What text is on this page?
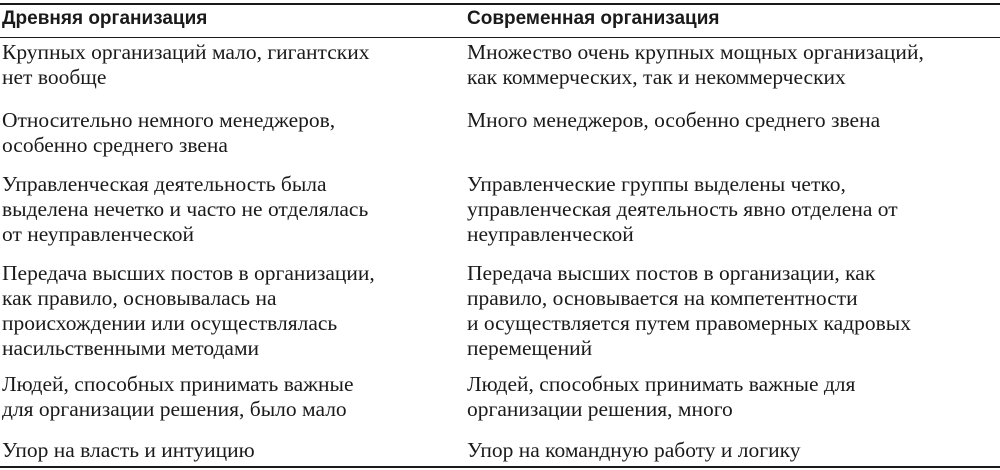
Древняя организация	Современная организация
Крупных организаций мало, гигантских
нет вообще
Множество очень крупных мощных организаций,
как коммерческих, так и некоммерческих
Относительно немного менеджеров,
особенно среднего звена
Много менеджеров, особенно среднего звена
Управленческая деятельность была
выделена нечетко и часто не отделялась
от неуправленческой
Управленческие группы выделены четко,
управленческая деятельность явно отделена от
неуправленческой
Передача высших постов в организации,
как правило, основывалась на
происхождении или осуществлялась
насильственными методами
Передача высших постов в организации, как
правило, основывается на компетентности
и осуществляется путем правомерных кадровых
перемещений
Людей, способных принимать важные
для организации решения, было мало
Людей, способных принимать важные для
организации решения, много
Упор на власть и интуицию	Упор на командную работу и логику
